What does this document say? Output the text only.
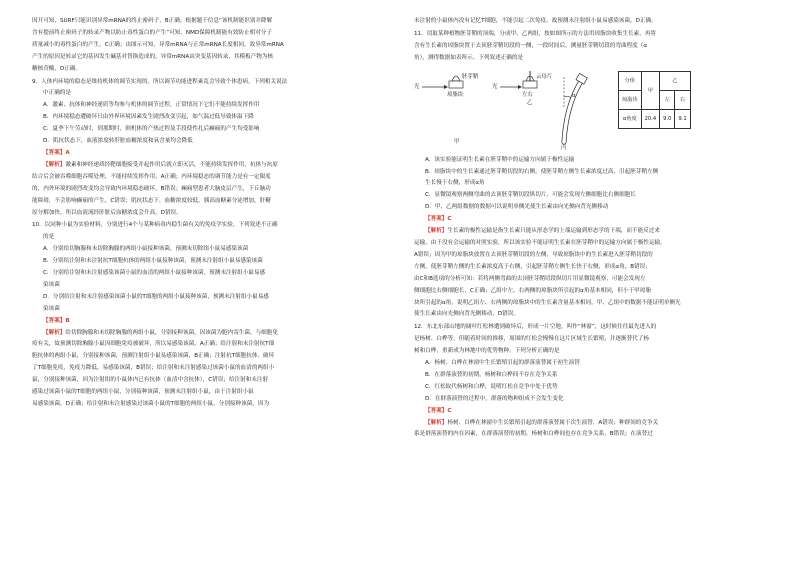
因开可知，SURF只能识别异常mRNA的终止密码子，B正确；根据题干信息“该机制能识别并降解

含有提前终止密码子的转录产物以防止毒性蛋白的产生”可知，NMD保障机制能有效防止相对分子

质量减小的毒性蛋白的产生，C正确；由图示可知，异常mRNA与正常mRNA长度相同，故异常mRNA

产生的原因是转录它的基因发生碱基对替换造成的，异常mRNA由突变基因转录，其模板产物为核

糖核苷酸，D正确。

9．人体内环境的稳态是维持机体的调节实现的，所以调节功能进程紊乱会导致个体患病。下列相关说法

中正确的是

A．激素、抗体和神经递质等均参与机体的调节过程，正常情况下它们不能持续发挥作用

B．内环境稳态遭破坏只由外界环境因素发生剧烈改变引起，如气温过低导致体温下降

C．夏季下午劳动时，到那期时，则机体的产热过程及手段使性扎后癫痫的产生均受影响

D．肌抗状态下，血液浓度转肝脏血糖浓度和氧含量均会降低

【答案】A

【解析】激素和神经递质经靶细胞接受并起作用后就立即灭活，不能持续发挥作用，抗体与抗原

结合后会被吞噬细胞吞噬处理，不能持续发挥作用，A正确；内环境稳态的调节能力是有一定限度

的，内外环境的剧烈改变均会导致内环境稳态破坏，B错误；癫痫型患者大脑皮层产生，下丘脑功

能障碍，不会影响癫痫的产生，C错误；肌抗状态下，血糖浓度较低，胰高血糖素分泌增加，肝糖

原分解加快，所以血液流经肝脏后血糖浓度会升高，D错误。

10．以同种小鼠为实验材料，分别进行4个与某种病毒内稳生菌有关的免疫学实验，下列叙述不正确

的是

A．分别给切胸腺和未切除胸腺的两组小鼠接种该菌，预测未切除组小鼠易感染该菌

B．分别给注射和未注射抗T细胞抗体的两组小鼠接种该菌，预测未注射组小鼠易感染该菌

C．分别给注射和未注射感染该菌小鼠的血清的两组小鼠接种该菌，预测未注射组小鼠易感

染该菌

D．分别给注射和未注射感染该菌小鼠的T细胞的两组小鼠接种该菌，预测未注射组小鼠易感

染该菌

【答案】B

【解析】给切除胸腺和未切除胸腺的两组小鼠，分别接种该菌，因该菌为胞内寄生菌，与细胞免

疫有关，故预测切除胸腺小鼠因细胞免疫被破坏，所以易感染该菌，A正确；给注射和未注射抗T细

胞抗体的两组小鼠，分别接种该菌，预测注射组小鼠易感染该菌，B正确；注射抗T细胞抗体，破坏

了T细胞免疫，免疫力降低，易感染该菌，B错误；给注射和未注射感染过该菌小鼠的血清的两组小

鼠，分别接种该菌，因为注射组的小鼠体内已有抗体（血清中含抗体），C错误；给注射和未注射

感染过该菌小鼠的T细胞的两组小鼠，分别接种该菌，预测未注射组小鼠，由于注射组小鼠

易感染该菌，D正确；给注射和未注射感染过该菌小鼠的T细胞的两组小鼠，分别接种该菌，因为

未注射的小鼠体内没有记忆T细胞，不能引起二次免疫，故预测未注射组小鼠易感染该菌，D正确。

11．切取某种植物胚芽鞘的顶端，分成甲、乙两组，按如图所示的方法用琼脂块收集生长素，再将

含有生长素的琼脂块置于去顶胚芽鞘切段的一侧，一段时间后，测量胚芽鞘切段的弯曲程度（α

角），测得数据如表所示。下列叙述正确的是

光
胚芽鞘
琼脂块
甲
光
云母片
左右
乙
丙
α
分组	甲	乙	
琼脂块		左	右
α角度	20.4	9.0	9.1

A．该实验能证明生长素在胚芽鞘中的运输方向属于极性运输

B．琼脂块中的生长素通过胚芽鞘切段的右侧，使胚芽鞘左侧生长素浓度过高，引起胚芽鞘左侧

生长慢于右侧，形成α角

C．显微镜观察两侧弯曲的去顶胚芽鞘切段纵切片，可能会发现左侧细胞比右侧细胞长

D．甲、乙两组数据的数据可以说明单侧光使生长素由向光侧向背光侧移动

【答案】C

【解析】生长素的极性运输是指生长素只能从形态学的上端运输到形态学的下端，而不能反过来

运输，由于没有会运输的对照实验，所以该实验不能证明生长素在胚芽鞘中的运输方向属于极性运输，

A错误；因为甲的琼脂块放置在去顶胚芽鞘切段的左侧，导致琼脂块中的生长素进入胚芽鞘切段的

左侧，使胚芽鞘左侧的生长素浓度高于右侧，引起胚芽鞘左侧生长快于右侧，形成α角，B错误；

由C和B选项的分析可知：若将两侧弯曲的去顶胚芽鞘切段纵切片用显微镜观察，可能会发现左

侧细胞比右侧细胞长，C正确；乙组中左、右两侧的琼脂块所引起的α角基本相同，但小于甲琼脂

块所引起的α角，说明乙组左、右两侧的琼脂块中的生长素含量基本相同，甲、乙组中的数据不能证明单侧光

使生长素由向光侧向背光侧移动，D错误。

12．东北东部山地的阔叶红松林遭到破坏后，形成一片空地，叫作“林窗”，这时候往往最先进入的

是杨树、白桦等，但随着时间的推移，周围的红松会慢慢在这片区域生长繁殖，并逐渐替代了杨

树和白桦，重新成为林地中的优势物种。下列分析正确的是

A．杨树、白桦在林窗中生长繁殖引起的群落演替属于初生演替

B．在群落演替的初期，杨树和白桦间不存在竞争关系

C．红松取代杨树和白桦，说明红松在竞争中处于优势

D．在群落演替的过程中，群落的物种组成不会发生变化

【答案】C

【解析】杨树、白桦在林窗中生长繁殖引起的群落演替属于次生演替，A错误；种群间的竞争关

系是群落演替的内在因素，在群落演替的初期，杨树和白桦间也存在竞争关系，B错误；在演替过
